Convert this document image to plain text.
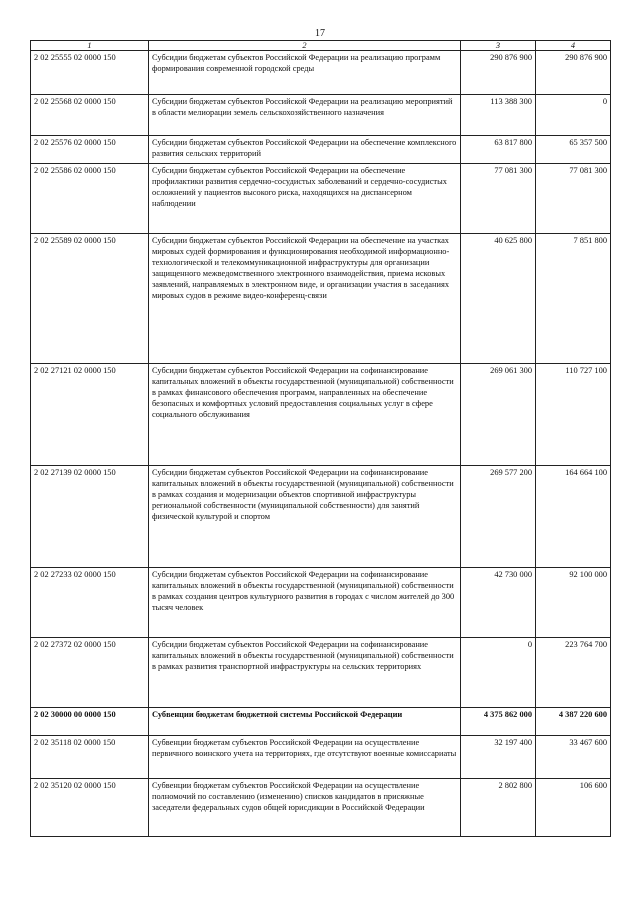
17
1	2	3	4
2 02 25555 02 0000 150	Субсидии бюджетам субъектов Российской Федерации на реализацию программ формирования современной городской среды	290 876 900	290 876 900
2 02 25568 02 0000 150	Субсидии бюджетам субъектов Российской Федерации на реализацию мероприятий в области мелиорации земель сельскохозяйственного назначения	113 388 300	0
2 02 25576 02 0000 150	Субсидии бюджетам субъектов Российской Федерации на обеспечение комплексного развития сельских территорий	63 817 800	65 357 500
2 02 25586 02 0000 150	Субсидии бюджетам субъектов Российской Федерации на обеспечение профилактики развития сердечно-сосудистых заболеваний и сердечно-сосудистых осложнений у пациентов высокого риска, находящихся на диспансерном наблюдении	77 081 300	77 081 300
2 02 25589 02 0000 150	Субсидии бюджетам субъектов Российской Федерации на обеспечение на участках мировых судей формирования и функционирования необходимой информационно-технологической и телекоммуникационной инфраструктуры для организации защищенного межведомственного электронного взаимодействия, приема исковых заявлений, направляемых в электронном виде, и организации участия в заседаниях мировых судов в режиме видео-конференц-связи	40 625 800	7 851 800
2 02 27121 02 0000 150	Субсидии бюджетам субъектов Российской Федерации на софинансирование капитальных вложений в объекты государственной (муниципальной) собственности в рамках финансового обеспечения программ, направленных на обеспечение безопасных и комфортных условий предоставления социальных услуг в сфере социального обслуживания	269 061 300	110 727 100
2 02 27139 02 0000 150	Субсидии бюджетам субъектов Российской Федерации на софинансирование капитальных вложений в объекты государственной (муниципальной) собственности в рамках создания и модернизации объектов спортивной инфраструктуры региональной собственности (муниципальной собственности) для занятий физической культурой и спортом	269 577 200	164 664 100
2 02 27233 02 0000 150	Субсидии бюджетам субъектов Российской Федерации на софинансирование капитальных вложений в объекты государственной (муниципальной) собственности в рамках создания центров культурного развития в городах с числом жителей до 300 тысяч человек	42 730 000	92 100 000
2 02 27372 02 0000 150	Субсидии бюджетам субъектов Российской Федерации на софинансирование капитальных вложений в объекты государственной (муниципальной) собственности в рамках развития транспортной инфраструктуры на сельских территориях	0	223 764 700
2 02 30000 00 0000 150	Субвенции бюджетам бюджетной системы Российской Федерации	4 375 862 000	4 387 220 600
2 02 35118 02 0000 150	Субвенции бюджетам субъектов Российской Федерации на осуществление первичного воинского учета на территориях, где отсутствуют военные комиссариаты	32 197 400	33 467 600
2 02 35120 02 0000 150	Субвенции бюджетам субъектов Российской Федерации на осуществление полномочий по составлению (изменению) списков кандидатов в присяжные заседатели федеральных судов общей юрисдикции в Российской Федерации	2 802 800	106 600
